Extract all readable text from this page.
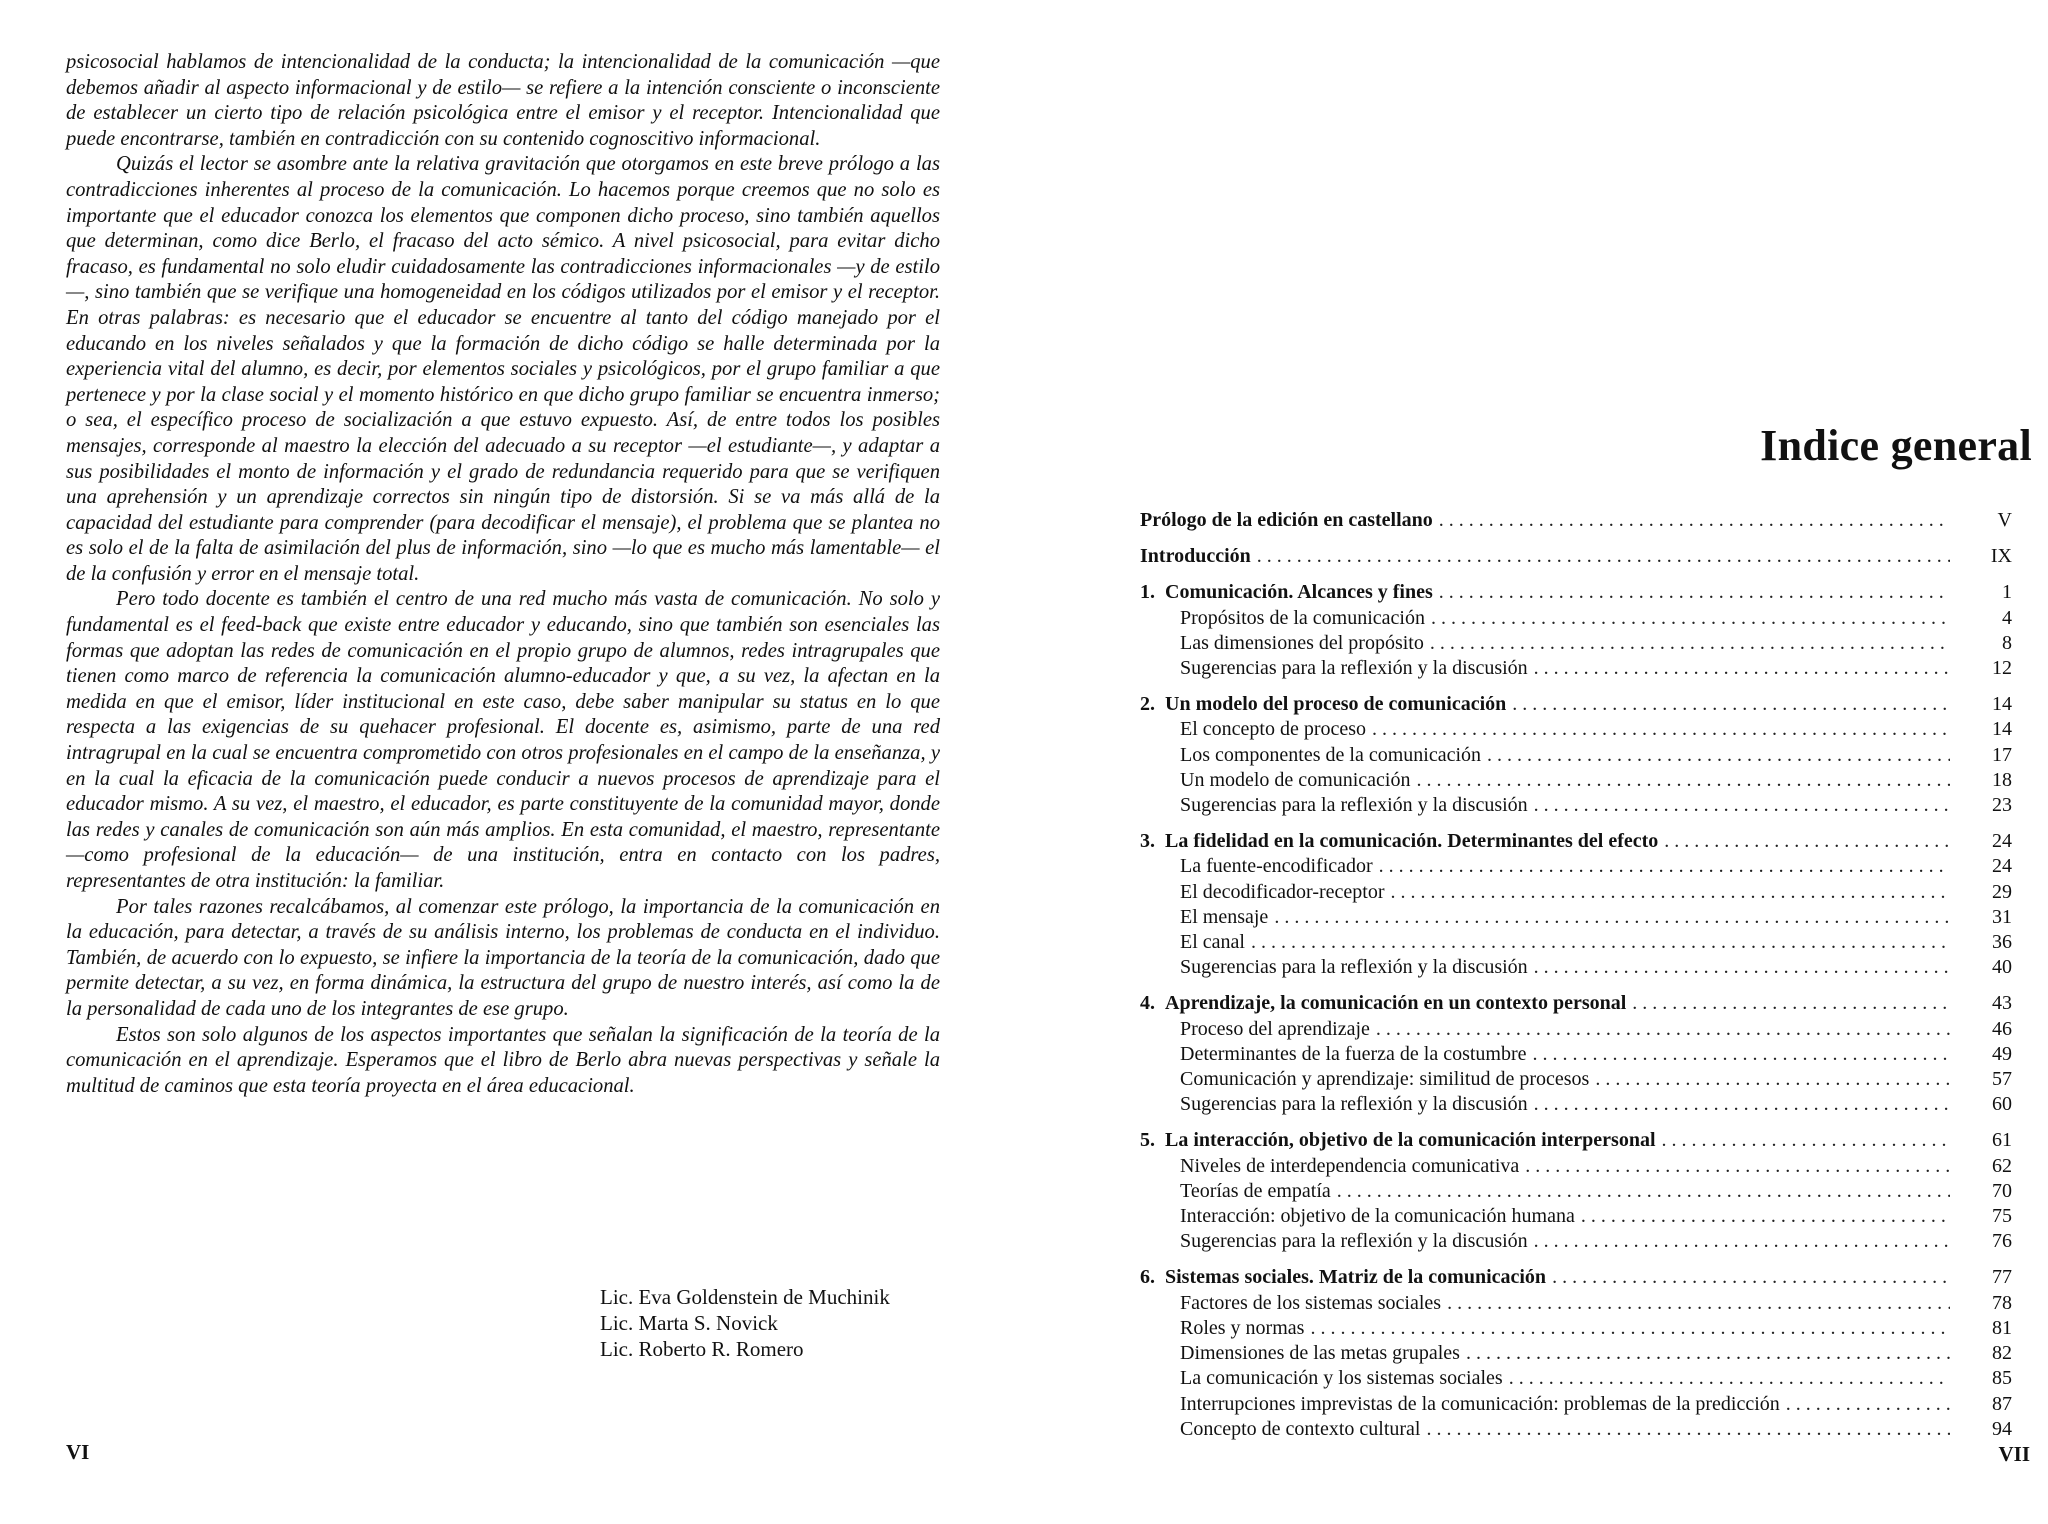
psicosocial hablamos de intencionalidad de la conducta; la intencionalidad de la comunicación —que debemos añadir al aspecto informacional y de estilo— se refiere a la intención consciente o inconsciente de establecer un cierto tipo de relación psicológica entre el emisor y el receptor. Intencionalidad que puede encontrarse, también en contradicción con su contenido cognoscitivo informacional.

Quizás el lector se asombre ante la relativa gravitación que otorgamos en este breve prólogo a las contradicciones inherentes al proceso de la comunicación. Lo hacemos porque creemos que no solo es importante que el educador conozca los elementos que componen dicho proceso, sino también aquellos que determinan, como dice Berlo, el fracaso del acto sémico. A nivel psicosocial, para evitar dicho fracaso, es fundamental no solo eludir cuidadosamente las contradicciones informacionales —y de estilo—, sino también que se verifique una homogeneidad en los códigos utilizados por el emisor y el receptor. En otras palabras: es necesario que el educador se encuentre al tanto del código manejado por el educando en los niveles señalados y que la formación de dicho código se halle determinada por la experiencia vital del alumno, es decir, por elementos sociales y psicológicos, por el grupo familiar a que pertenece y por la clase social y el momento histórico en que dicho grupo familiar se encuentra inmerso; o sea, el específico proceso de socialización a que estuvo expuesto. Así, de entre todos los posibles mensajes, corresponde al maestro la elección del adecuado a su receptor —el estudiante—, y adaptar a sus posibilidades el monto de información y el grado de redundancia requerido para que se verifiquen una aprehensión y un aprendizaje correctos sin ningún tipo de distorsión. Si se va más allá de la capacidad del estudiante para comprender (para decodificar el mensaje), el problema que se plantea no es solo el de la falta de asimilación del plus de información, sino —lo que es mucho más lamentable— el de la confusión y error en el mensaje total.

Pero todo docente es también el centro de una red mucho más vasta de comunicación. No solo y fundamental es el feed-back que existe entre educador y educando, sino que también son esenciales las formas que adoptan las redes de comunicación en el propio grupo de alumnos, redes intragrupales que tienen como marco de referencia la comunicación alumno-educador y que, a su vez, la afectan en la medida en que el emisor, líder institucional en este caso, debe saber manipular su status en lo que respecta a las exigencias de su quehacer profesional. El docente es, asimismo, parte de una red intragrupal en la cual se encuentra comprometido con otros profesionales en el campo de la enseñanza, y en la cual la eficacia de la comunicación puede conducir a nuevos procesos de aprendizaje para el educador mismo. A su vez, el maestro, el educador, es parte constituyente de la comunidad mayor, donde las redes y canales de comunicación son aún más amplios. En esta comunidad, el maestro, representante —como profesional de la educación— de una institución, entra en contacto con los padres, representantes de otra institución: la familiar.

Por tales razones recalcábamos, al comenzar este prólogo, la importancia de la comunicación en la educación, para detectar, a través de su análisis interno, los problemas de conducta en el individuo. También, de acuerdo con lo expuesto, se infiere la importancia de la teoría de la comunicación, dado que permite detectar, a su vez, en forma dinámica, la estructura del grupo de nuestro interés, así como la de la personalidad de cada uno de los integrantes de ese grupo.

Estos son solo algunos de los aspectos importantes que señalan la significación de la teoría de la comunicación en el aprendizaje. Esperamos que el libro de Berlo abra nuevas perspectivas y señale la multitud de caminos que esta teoría proyecta en el área educacional.

Lic. Eva Goldenstein de Muchinik
Lic. Marta S. Novick
Lic. Roberto R. Romero
VI
Indice general
Prólogo de la edición en castellano . . .	V
Introducción . . .	IX
1. Comunicación. Alcances y fines . . .	1
Propósitos de la comunicación . . .	4
Las dimensiones del propósito . . .	8
Sugerencias para la reflexión y la discusión . . .	12
2. Un modelo del proceso de comunicación . . .	14
El concepto de proceso . . .	14
Los componentes de la comunicación . . .	17
Un modelo de comunicación . . .	18
Sugerencias para la reflexión y la discusión . . .	23
3. La fidelidad en la comunicación. Determinantes del efecto . . .	24
La fuente-encodificador . . .	24
El decodificador-receptor . . .	29
El mensaje . . .	31
El canal . . .	36
Sugerencias para la reflexión y la discusión . . .	40
4. Aprendizaje, la comunicación en un contexto personal . . .	43
Proceso del aprendizaje . . .	46
Determinantes de la fuerza de la costumbre . . .	49
Comunicación y aprendizaje: similitud de procesos . . .	57
Sugerencias para la reflexión y la discusión . . .	60
5. La interacción, objetivo de la comunicación interpersonal . . .	61
Niveles de interdependencia comunicativa . . .	62
Teorías de empatía . . .	70
Interacción: objetivo de la comunicación humana . . .	75
Sugerencias para la reflexión y la discusión . . .	76
6. Sistemas sociales. Matriz de la comunicación . . .	77
Factores de los sistemas sociales . . .	78
Roles y normas . . .	81
Dimensiones de las metas grupales . . .	82
La comunicación y los sistemas sociales . . .	85
Interrupciones imprevistas de la comunicación: problemas de la predicción . . .	87
Concepto de contexto cultural . . .	94
VII
